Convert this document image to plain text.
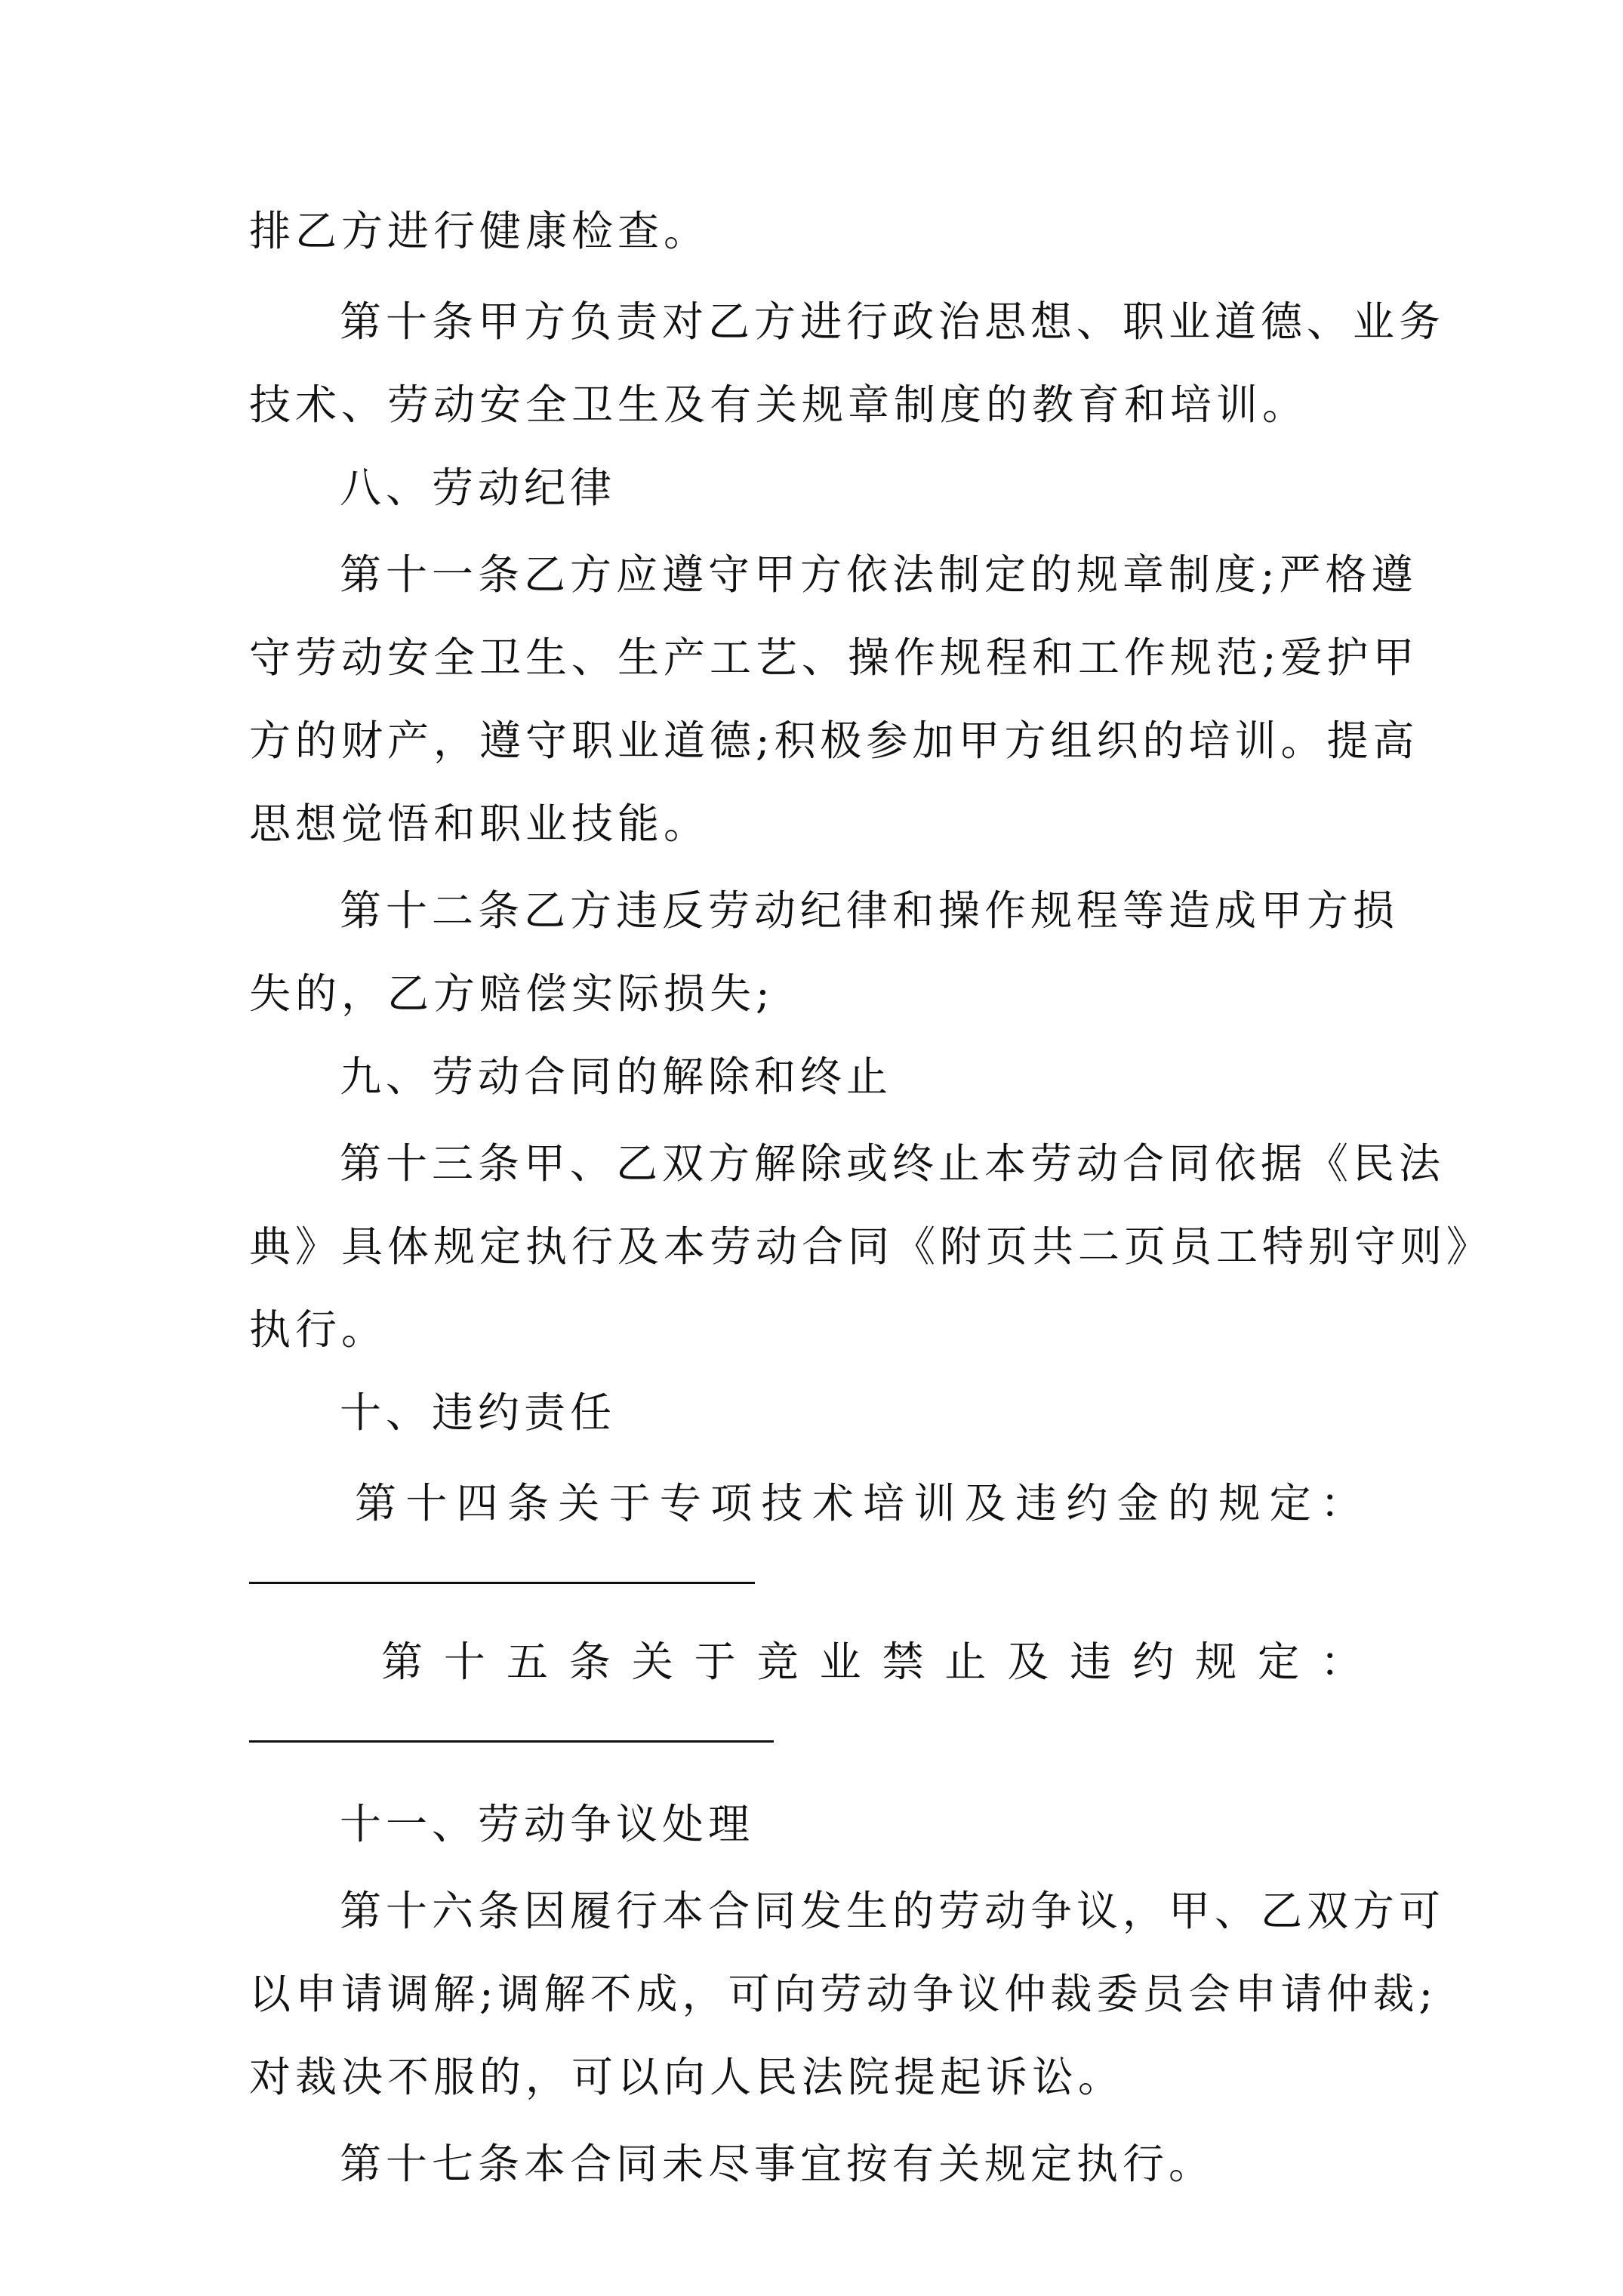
排乙方进行健康检查。
第十条甲方负责对乙方进行政治思想、职业道德、业务
技术、劳动安全卫生及有关规章制度的教育和培训。
八、劳动纪律
第十一条乙方应遵守甲方依法制定的规章制度;严格遵
守劳动安全卫生、生产工艺、操作规程和工作规范;爱护甲
方的财产，遵守职业道德;积极参加甲方组织的培训。提高
思想觉悟和职业技能。
第十二条乙方违反劳动纪律和操作规程等造成甲方损
失的，乙方赔偿实际损失;
九、劳动合同的解除和终止
第十三条甲、乙双方解除或终止本劳动合同依据《民法
典》具体规定执行及本劳动合同《附页共二页员工特别守则》
执行。
十、违约责任
第十四条关于专项技术培训及违约金的规定：
第十五条关于竞业禁止及违约规定：
十一、劳动争议处理
第十六条因履行本合同发生的劳动争议，甲、乙双方可
以申请调解;调解不成，可向劳动争议仲裁委员会申请仲裁;
对裁决不服的，可以向人民法院提起诉讼。
第十七条本合同未尽事宜按有关规定执行。
